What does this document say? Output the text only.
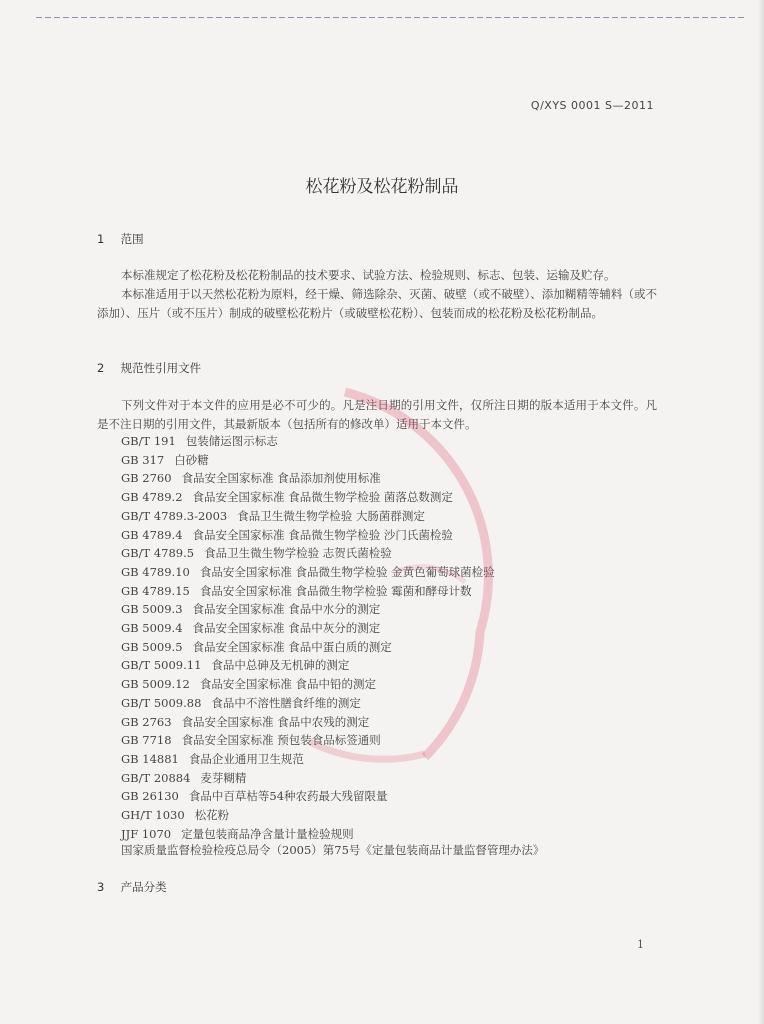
Q/XYS 0001 S—2011
松花粉及松花粉制品
1 范围

本标准规定了松花粉及松花粉制品的技术要求、试验方法、检验规则、标志、包装、运输及贮存。

本标准适用于以天然松花粉为原料，经干燥、筛选除杂、灭菌、破壁（或不破壁）、添加糊精等辅料（或不添加）、压片（或不压片）制成的破壁松花粉片（或破壁松花粉）、包装而成的松花粉及松花粉制品。

2 规范性引用文件

下列文件对于本文件的应用是必不可少的。凡是注日期的引用文件，仅所注日期的版本适用于本文件。凡是不注日期的引用文件，其最新版本（包括所有的修改单）适用于本文件。

GB/T 191 包装储运图示标志
GB 317 白砂糖
GB 2760 食品安全国家标准 食品添加剂使用标准
GB 4789.2 食品安全国家标准 食品微生物学检验 菌落总数测定
GB/T 4789.3-2003 食品卫生微生物学检验 大肠菌群测定
GB 4789.4 食品安全国家标准 食品微生物学检验 沙门氏菌检验
GB/T 4789.5 食品卫生微生物学检验 志贺氏菌检验
GB 4789.10 食品安全国家标准 食品微生物学检验 金黄色葡萄球菌检验
GB 4789.15 食品安全国家标准 食品微生物学检验 霉菌和酵母计数
GB 5009.3 食品安全国家标准 食品中水分的测定
GB 5009.4 食品安全国家标准 食品中灰分的测定
GB 5009.5 食品安全国家标准 食品中蛋白质的测定
GB/T 5009.11 食品中总砷及无机砷的测定
GB 5009.12 食品安全国家标准 食品中铅的测定
GB/T 5009.88 食品中不溶性膳食纤维的测定
GB 2763 食品安全国家标准 食品中农残的测定
GB 7718 食品安全国家标准 预包装食品标签通则
GB 14881 食品企业通用卫生规范
GB/T 20884 麦芽糊精
GB 26130 食品中百草枯等54种农药最大残留限量
GH/T 1030 松花粉
JJF 1070 定量包装商品净含量计量检验规则
国家质量监督检验检疫总局令（2005）第75号《定量包装商品计量监督管理办法》
3 产品分类
1
